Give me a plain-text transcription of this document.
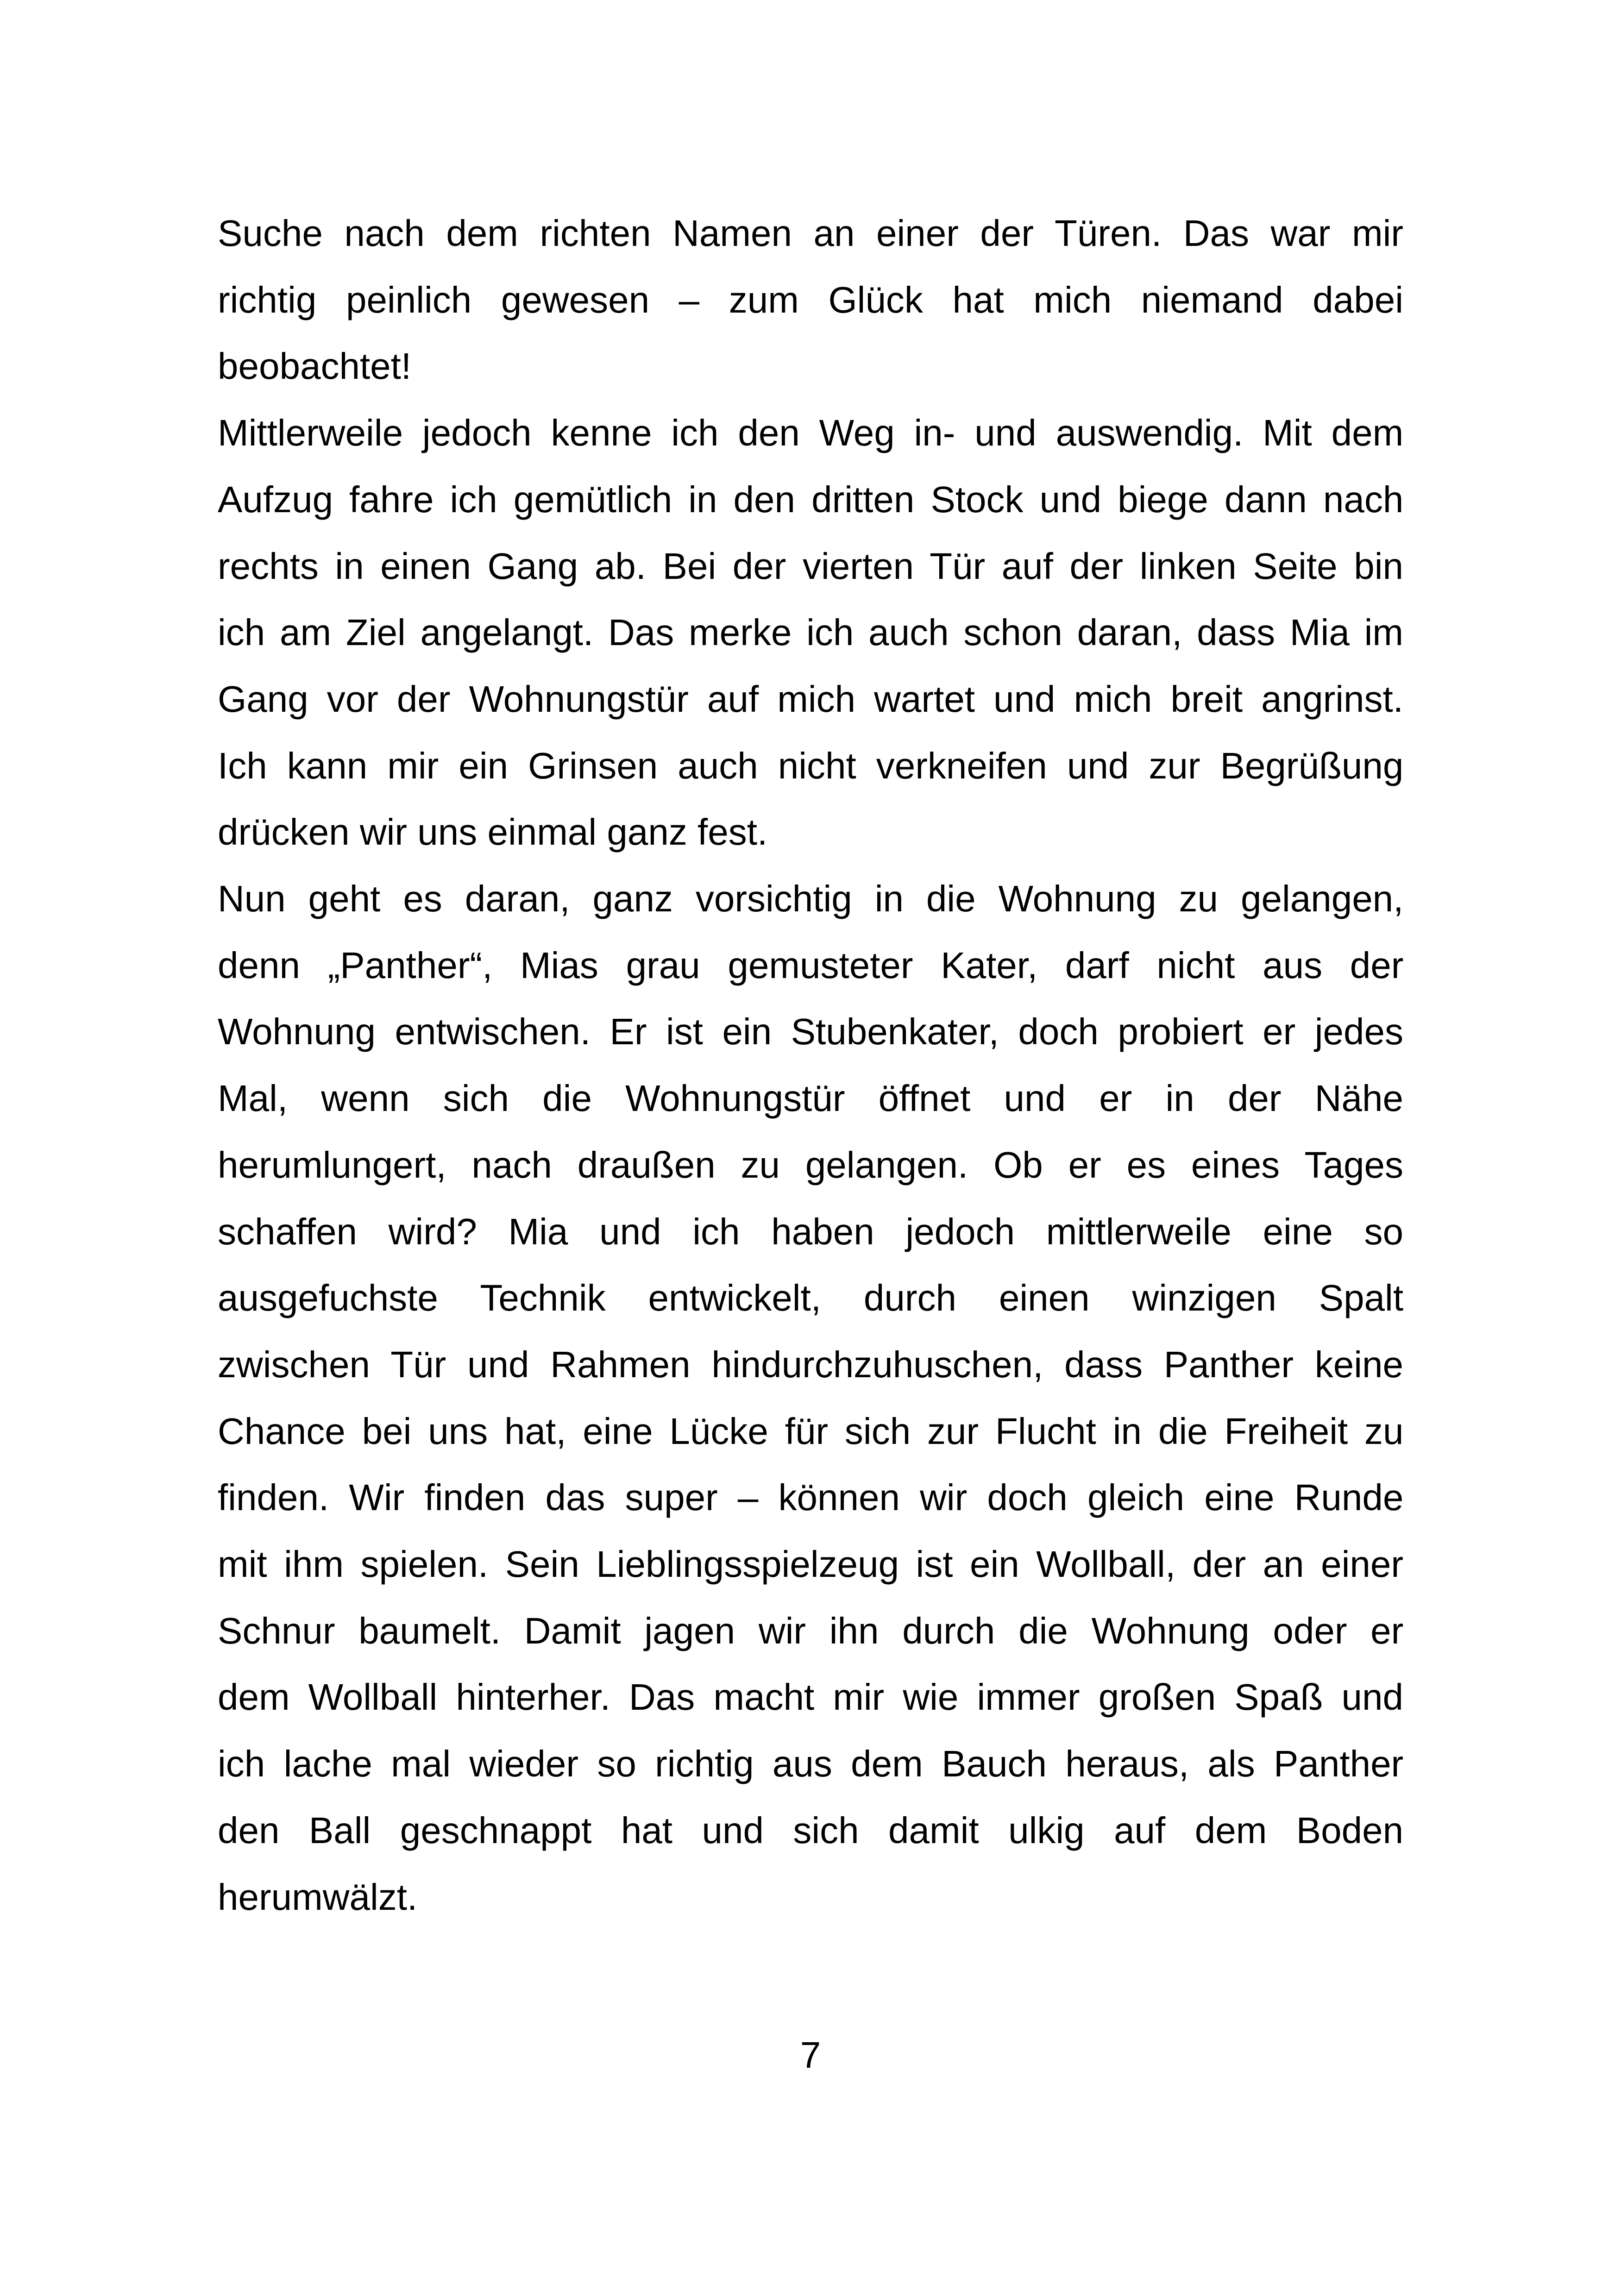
Suche nach dem richten Namen an einer der Türen. Das war mir
richtig peinlich gewesen – zum Glück hat mich niemand dabei
beobachtet!

Mittlerweile jedoch kenne ich den Weg in- und auswendig. Mit dem
Aufzug fahre ich gemütlich in den dritten Stock und biege dann nach
rechts in einen Gang ab. Bei der vierten Tür auf der linken Seite bin
ich am Ziel angelangt. Das merke ich auch schon daran, dass Mia im
Gang vor der Wohnungstür auf mich wartet und mich breit angrinst.
Ich kann mir ein Grinsen auch nicht verkneifen und zur Begrüßung
drücken wir uns einmal ganz fest.

Nun geht es daran, ganz vorsichtig in die Wohnung zu gelangen,
denn „Panther“, Mias grau gemusteter Kater, darf nicht aus der
Wohnung entwischen. Er ist ein Stubenkater, doch probiert er jedes
Mal, wenn sich die Wohnungstür öffnet und er in der Nähe
herumlungert, nach draußen zu gelangen. Ob er es eines Tages
schaffen wird? Mia und ich haben jedoch mittlerweile eine so
ausgefuchste Technik entwickelt, durch einen winzigen Spalt
zwischen Tür und Rahmen hindurchzuhuschen, dass Panther keine
Chance bei uns hat, eine Lücke für sich zur Flucht in die Freiheit zu
finden. Wir finden das super – können wir doch gleich eine Runde
mit ihm spielen. Sein Lieblingsspielzeug ist ein Wollball, der an einer
Schnur baumelt. Damit jagen wir ihn durch die Wohnung oder er
dem Wollball hinterher. Das macht mir wie immer großen Spaß und
ich lache mal wieder so richtig aus dem Bauch heraus, als Panther
den Ball geschnappt hat und sich damit ulkig auf dem Boden
herumwälzt.

7
